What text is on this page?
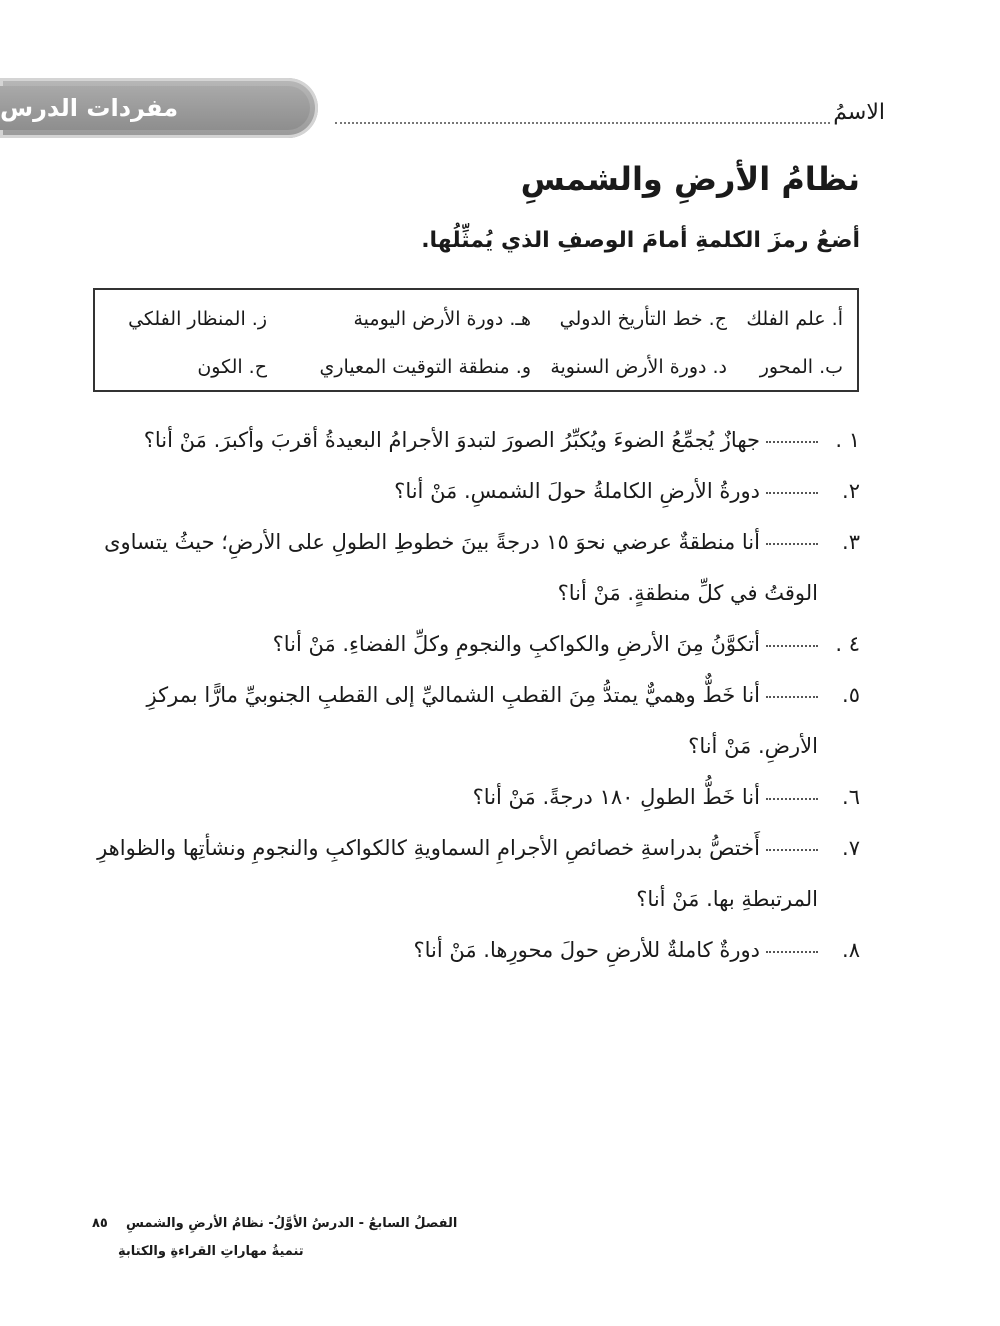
مفردات الدرس	الاسمُ
نظامُ الأرضِ والشمسِ

أضعُ رمزَ الكلمةِ أمامَ الوصفِ الذي يُمثِّلُها.

أ. علم الفلك
ج. خط التأريخ الدولي
هـ. دورة الأرض اليومية
ز. المنظار الفلكي
ب. المحور
د. دورة الأرض السنوية
و. منطقة التوقيت المعياري
ح. الكون

١ .
جهازٌ يُجمِّعُ الضوءَ ويُكبِّرُ الصورَ لتبدوَ الأجرامُ البعيدةُ أقربَ وأكبرَ. مَنْ أنا؟

٢.
دورةُ الأرضِ الكاملةُ حولَ الشمسِ. مَنْ أنا؟

٣.
أنا منطقةٌ عرضي نحوَ ١٥ درجةً بينَ خطوطِ الطولِ على الأرضِ؛ حيثُ يتساوى الوقتُ في كلِّ منطقةٍ. مَنْ أنا؟

٤ .
أتكوَّنُ مِنَ الأرضِ والكواكبِ والنجومِ وكلِّ الفضاءِ. مَنْ أنا؟

٥.
أنا خَطٌّ وهميٌّ يمتدُّ مِنَ القطبِ الشماليِّ إلى القطبِ الجنوبيِّ مارًّا بمركزِ الأرضِ. مَنْ أنا؟

٦.
أنا خَطُّ الطولِ ١٨٠ درجةً. مَنْ أنا؟

٧.
أَختصُّ بدراسةِ خصائصِ الأجرامِ السماويةِ كالكواكبِ والنجومِ ونشأتِها والظواهرِ المرتبطةِ بها. مَنْ أنا؟

٨.
دورةٌ كاملةٌ للأرضِ حولَ محورِها. مَنْ أنا؟

الفصلُ السابعُ - الدرسُ الأوَّلُ- نظامُ الأرضِ والشمسِ    ٨٥
تنميةُ مهاراتِ القراءةِ والكتابةِ
